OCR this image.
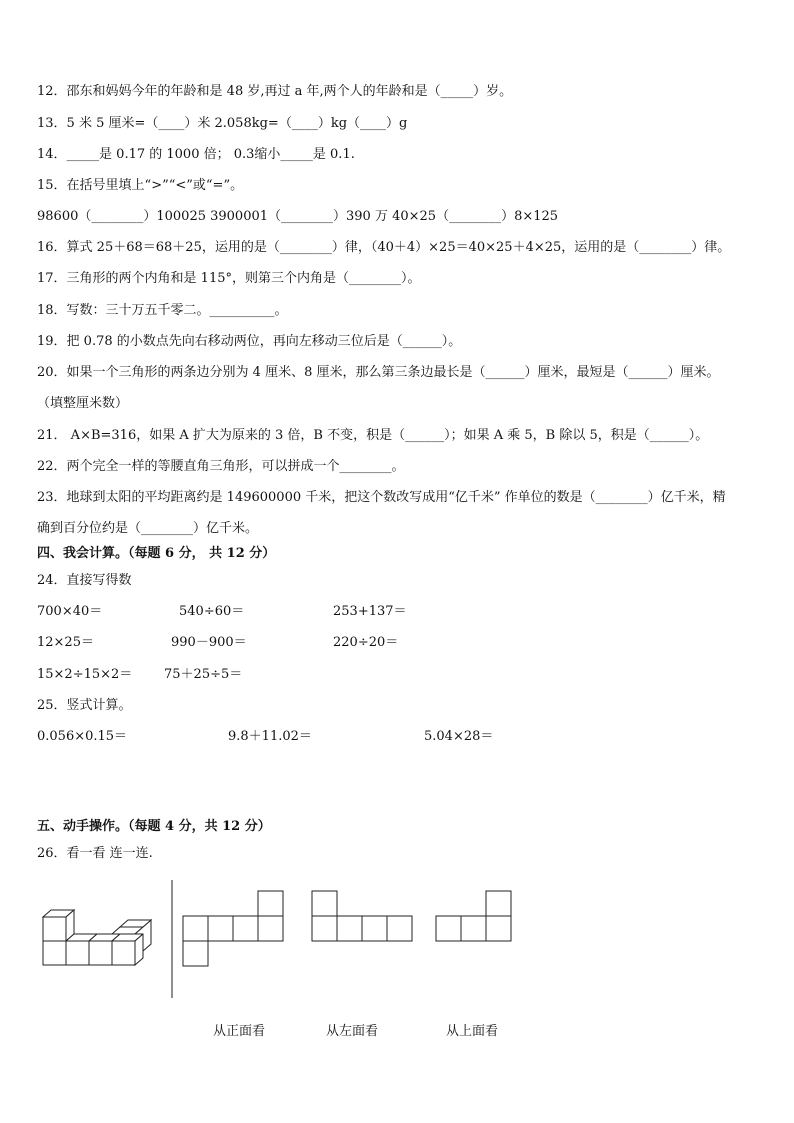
12．邵东和妈妈今年的年龄和是 48 岁,再过 a 年,两个人的年龄和是（_____）岁。
13．5 米 5 厘米=（____）米 2.058kg=（____）kg（____）g
14．_____是 0.17 的 1000 倍； 0.3缩小_____是 0.1.
15．在括号里填上“>”“<”或“=”。
98600（________）100025 3900001（________）390 万 40×25（________）8×125
16．算式 25＋68＝68＋25，运用的是（________）律，（40＋4）×25＝40×25＋4×25，运用的是（________）律。
17．三角形的两个内角和是 115°，则第三个内角是（________）。
18．写数：三十万五千零二。__________。
19．把 0.78 的小数点先向右移动两位，再向左移动三位后是（______）。
20．如果一个三角形的两条边分别为 4 厘米、8 厘米，那么第三条边最长是（______）厘米，最短是（______）厘米。
（填整厘米数）
21． A×B=316，如果 A 扩大为原来的 3 倍，B 不变，积是（______）；如果 A 乘 5，B 除以 5，积是（______）。
22．两个完全一样的等腰直角三角形，可以拼成一个________。
23．地球到太阳的平均距离约是 149600000 千米，把这个数改写成用“亿千米” 作单位的数是（________）亿千米，精
确到百分位约是（________）亿千米。
四、我会计算。（每题 6 分， 共 12 分）
24．直接写得数
700×40＝	540÷60＝	253+137＝
12×25＝	990－900＝	220÷20＝
15×2÷15×2＝ 75＋25÷5＝
25．竖式计算。
0.056×0.15＝	9.8＋11.02＝	5.04×28＝
五、动手操作。（每题 4 分，共 12 分）
26．看一看 连一连.
从正面看	从左面看	从上面看
